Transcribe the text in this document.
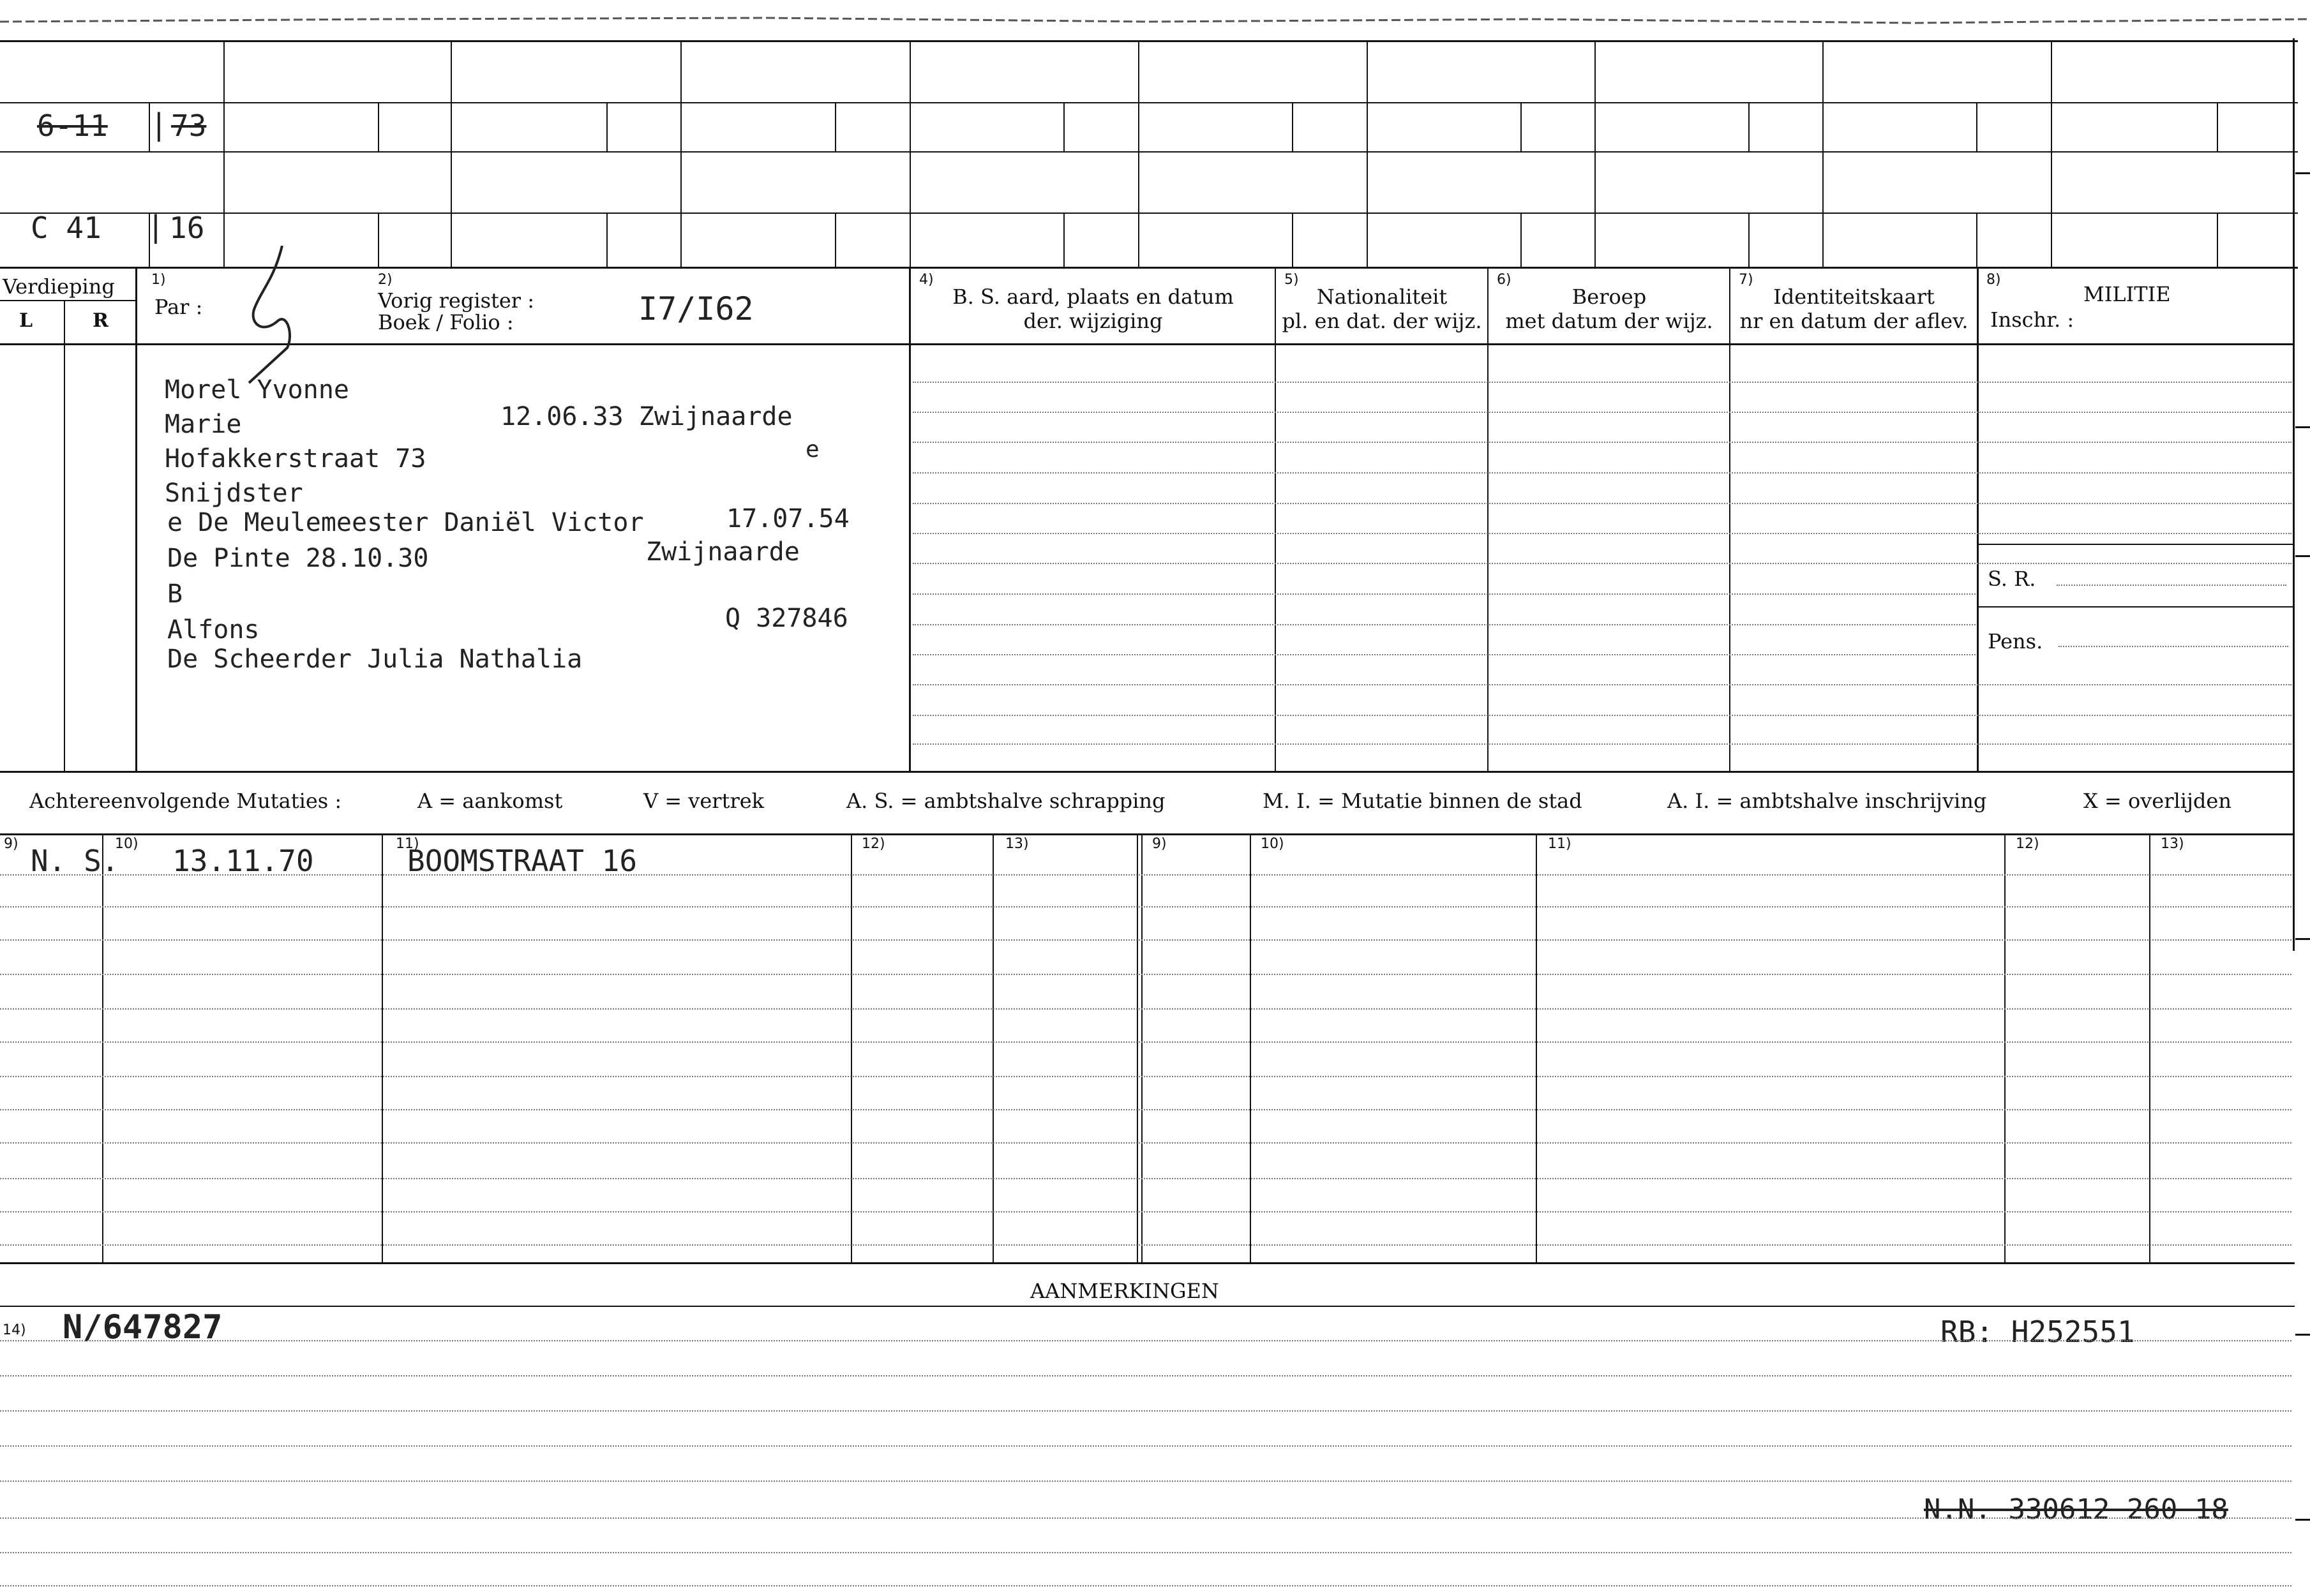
6-11 | 73
C 41 | 16
Verdieping
L	R
1)
Par :
2)
Vorig register :
Boek / Folio :	I7/I62
4)
B. S. aard, plaats en datum
der. wijziging
5)
Nationaliteit
pl. en dat. der wijz.
6)
Beroep
met datum der wijz.
7)
Identiteitskaart
nr en datum der aflev.
8)
MILITIE
Inschr. :
Morel Yvonne
Marie	12.06.33 Zwijnaarde
Hofakkerstraat 73	e
Snijdster
e De Meulemeester Daniël Victor	17.07.54
De Pinte 28.10.30	Zwijnaarde
B
Alfons	Q 327846
De Scheerder Julia Nathalia
S. R.
Pens.
Achtereenvolgende Mutaties :	A = aankomst	V = vertrek	A. S. = ambtshalve schrapping	M. I. = Mutatie binnen de stad	A. I. = ambtshalve inschrijving	X = overlijden
9)	10)	11)	12)	13)	9)	10)	11)	12)	13)
N. S. 13.11.70	BOOMSTRAAT 16
AANMERKINGEN
14) N/647827	RB: H252551
N.N. 330612 260 18
